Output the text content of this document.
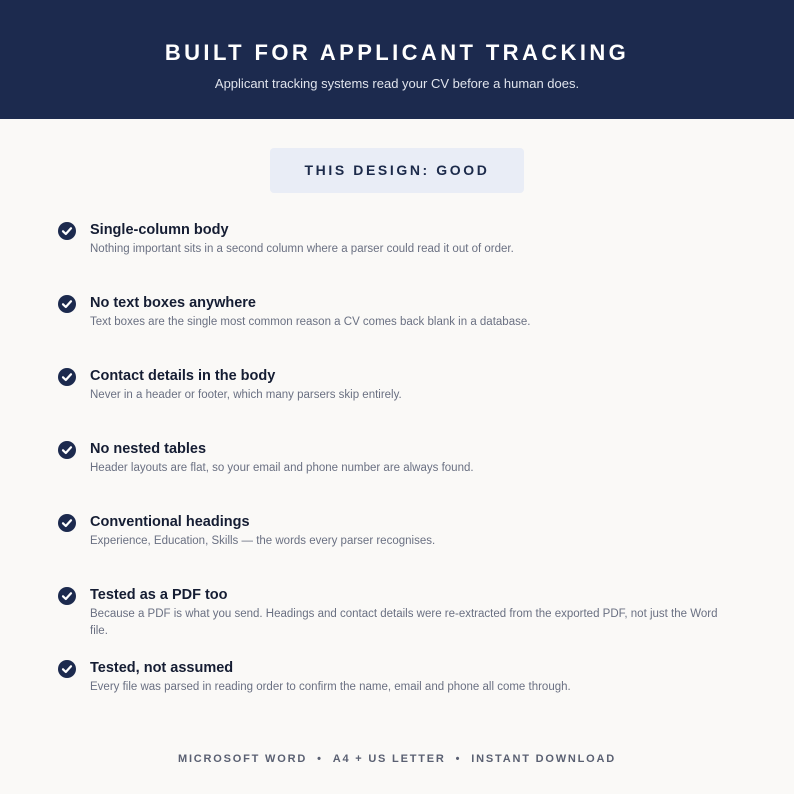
BUILT FOR APPLICANT TRACKING
Applicant tracking systems read your CV before a human does.
THIS DESIGN: GOOD
Single-column body
Nothing important sits in a second column where a parser could read it out of order.
No text boxes anywhere
Text boxes are the single most common reason a CV comes back blank in a database.
Contact details in the body
Never in a header or footer, which many parsers skip entirely.
No nested tables
Header layouts are flat, so your email and phone number are always found.
Conventional headings
Experience, Education, Skills — the words every parser recognises.
Tested as a PDF too
Because a PDF is what you send. Headings and contact details were re-extracted from the exported PDF, not just the Word file.
Tested, not assumed
Every file was parsed in reading order to confirm the name, email and phone all come through.
MICROSOFT WORD • A4 + US LETTER • INSTANT DOWNLOAD
